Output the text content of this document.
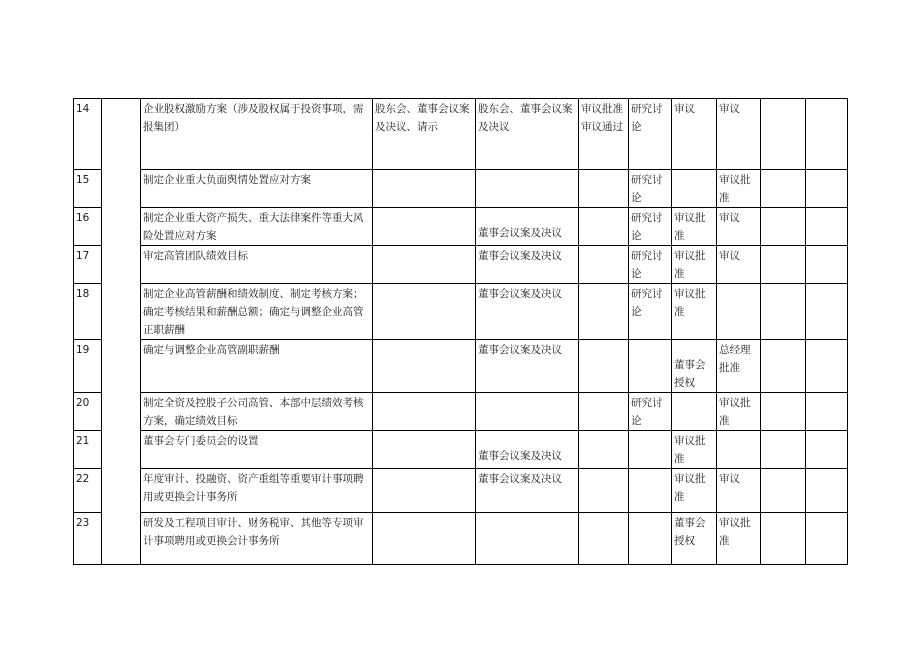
14		企业股权激励方案（涉及股权属于投资事项，需报集团）	股东会、董事会议案及决议、请示	股东会、董事会议案及决议	审议批准审议通过	研究讨论	审议	审议		
15		制定企业重大负面舆情处置应对方案				研究讨论		审议批准		
16		制定企业重大资产损失、重大法律案件等重大风险处置应对方案		董事会议案及决议		研究讨论	审议批准	审议		
17		审定高管团队绩效目标		董事会议案及决议		研究讨论	审议批准	审议		
18		制定企业高管薪酬和绩效制度、制定考核方案；确定考核结果和薪酬总额；确定与调整企业高管正职薪酬		董事会议案及决议		研究讨论	审议批准			
19		确定与调整企业高管副职薪酬		董事会议案及决议			董事会授权	总经理批准		
20		制定全资及控股子公司高管、本部中层绩效考核方案，确定绩效目标				研究讨论		审议批准		
21		董事会专门委员会的设置		董事会议案及决议			审议批准			
22		年度审计、投融资、资产重组等重要审计事项聘用或更换会计事务所		董事会议案及决议			审议批准	审议		
23		研发及工程项目审计、财务税审、其他等专项审计事项聘用或更换会计事务所					董事会授权	审议批准		
